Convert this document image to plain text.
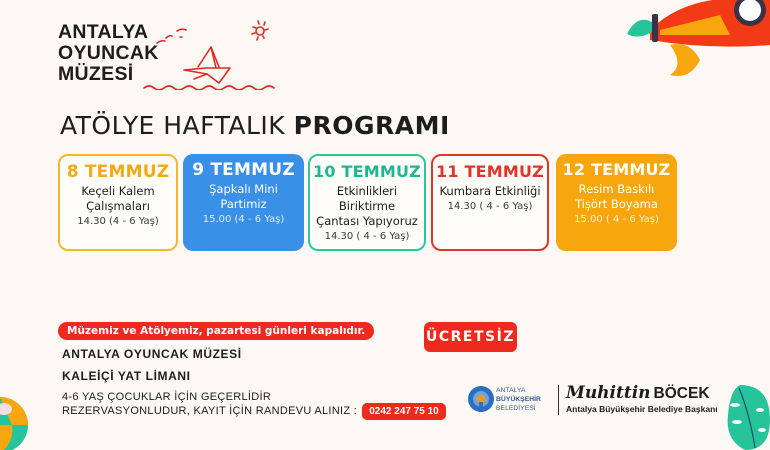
ANTALYA
OYUNCAK
MÜZESİ
ATÖLYE HAFTALIK PROGRAMI
8 TEMMUZ
Keçeli Kalem
Çalışmaları
14.30 (4 - 6 Yaş)
9 TEMMUZ
Şapkalı Mini
Partimiz
15.00 (4 - 6 Yaş)
10 TEMMUZ
Etkinlikleri
Biriktirme
Çantası Yapıyoruz
14.30 ( 4 - 6 Yaş)
11 TEMMUZ
Kumbara Etkinliği
14.30 ( 4 - 6 Yaş)
12 TEMMUZ
Resim Baskılı
Tişört Boyama
15.00 ( 4 - 6 Yaş)
Müzemiz ve Atölyemiz, pazartesi günleri kapalıdır.	ÜCRETSİZ
ANTALYA OYUNCAK MÜZESİ
KALEİÇİ YAT LİMANI
4-6 YAŞ ÇOCUKLAR İÇİN GEÇERLİDİR
REZERVASYONLUDUR, KAYIT İÇİN RANDEVU ALINIZ :	0242 247 75 10
ANTALYA
BÜYÜKŞEHİR
BELEDİYESİ
Muhittin BÖCEK
Antalya Büyükşehir Belediye Başkanı
